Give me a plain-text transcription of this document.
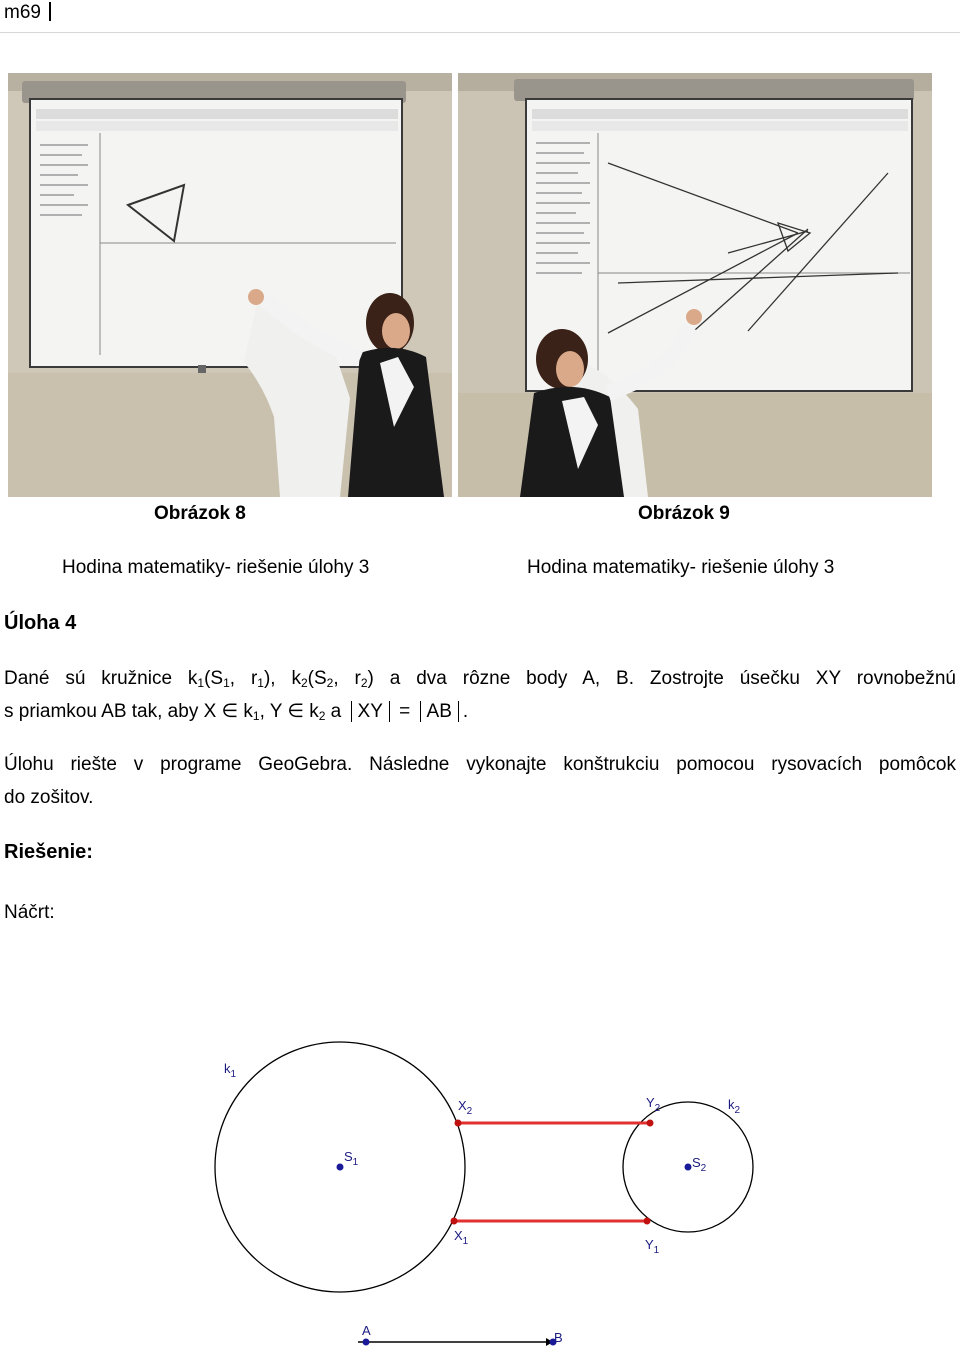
m69
Obrázok 8	Obrázok 9
Hodina matematiky- riešenie úlohy 3	Hodina matematiky- riešenie úlohy 3
Úloha 4
Dané sú kružnice $k_1(S_1$, $r_1$), $k_2(S_2$, $r_2$) a dva rôzne body A, B. Zostrojte úsečku XY rovnobežnú
s priamkou AB tak, aby X ∈ $k_1$, Y ∈ $k_2$ a XY = AB .
Úlohu riešte v programe GeoGebra. Následne vykonajte konštrukciu pomocou rysovacích pomôcok
do zošitov.
Riešenie:
Náčrt:
$k_1$
$k_2$
$S_1$	$S_2$
$X_2$
$Y_2$
$X_1$	$Y_1$
A	B
